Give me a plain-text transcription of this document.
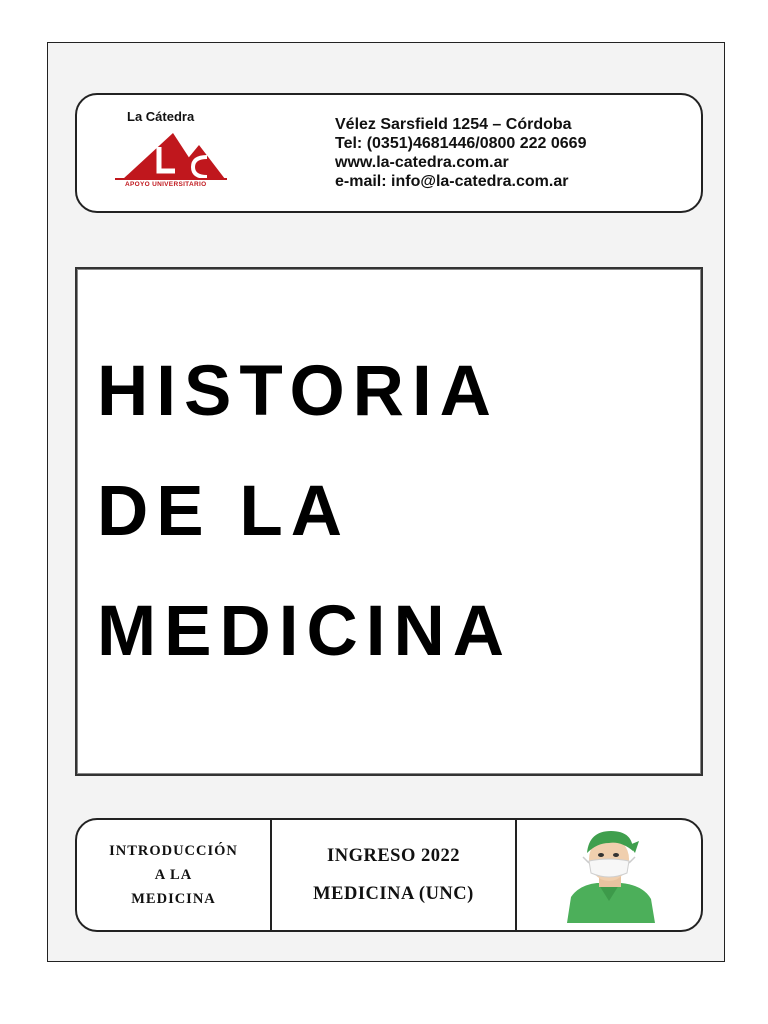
La Cátedra
APOYO UNIVERSITARIO
Vélez Sarsfield 1254 – Córdoba
Tel: (0351)4681446/0800 222 0669
www.la-catedra.com.ar
e-mail: info@la-catedra.com.ar
HISTORIA
DE LA
MEDICINA
INTRODUCCIÓN
A LA
MEDICINA
INGRESO 2022
MEDICINA (UNC)
